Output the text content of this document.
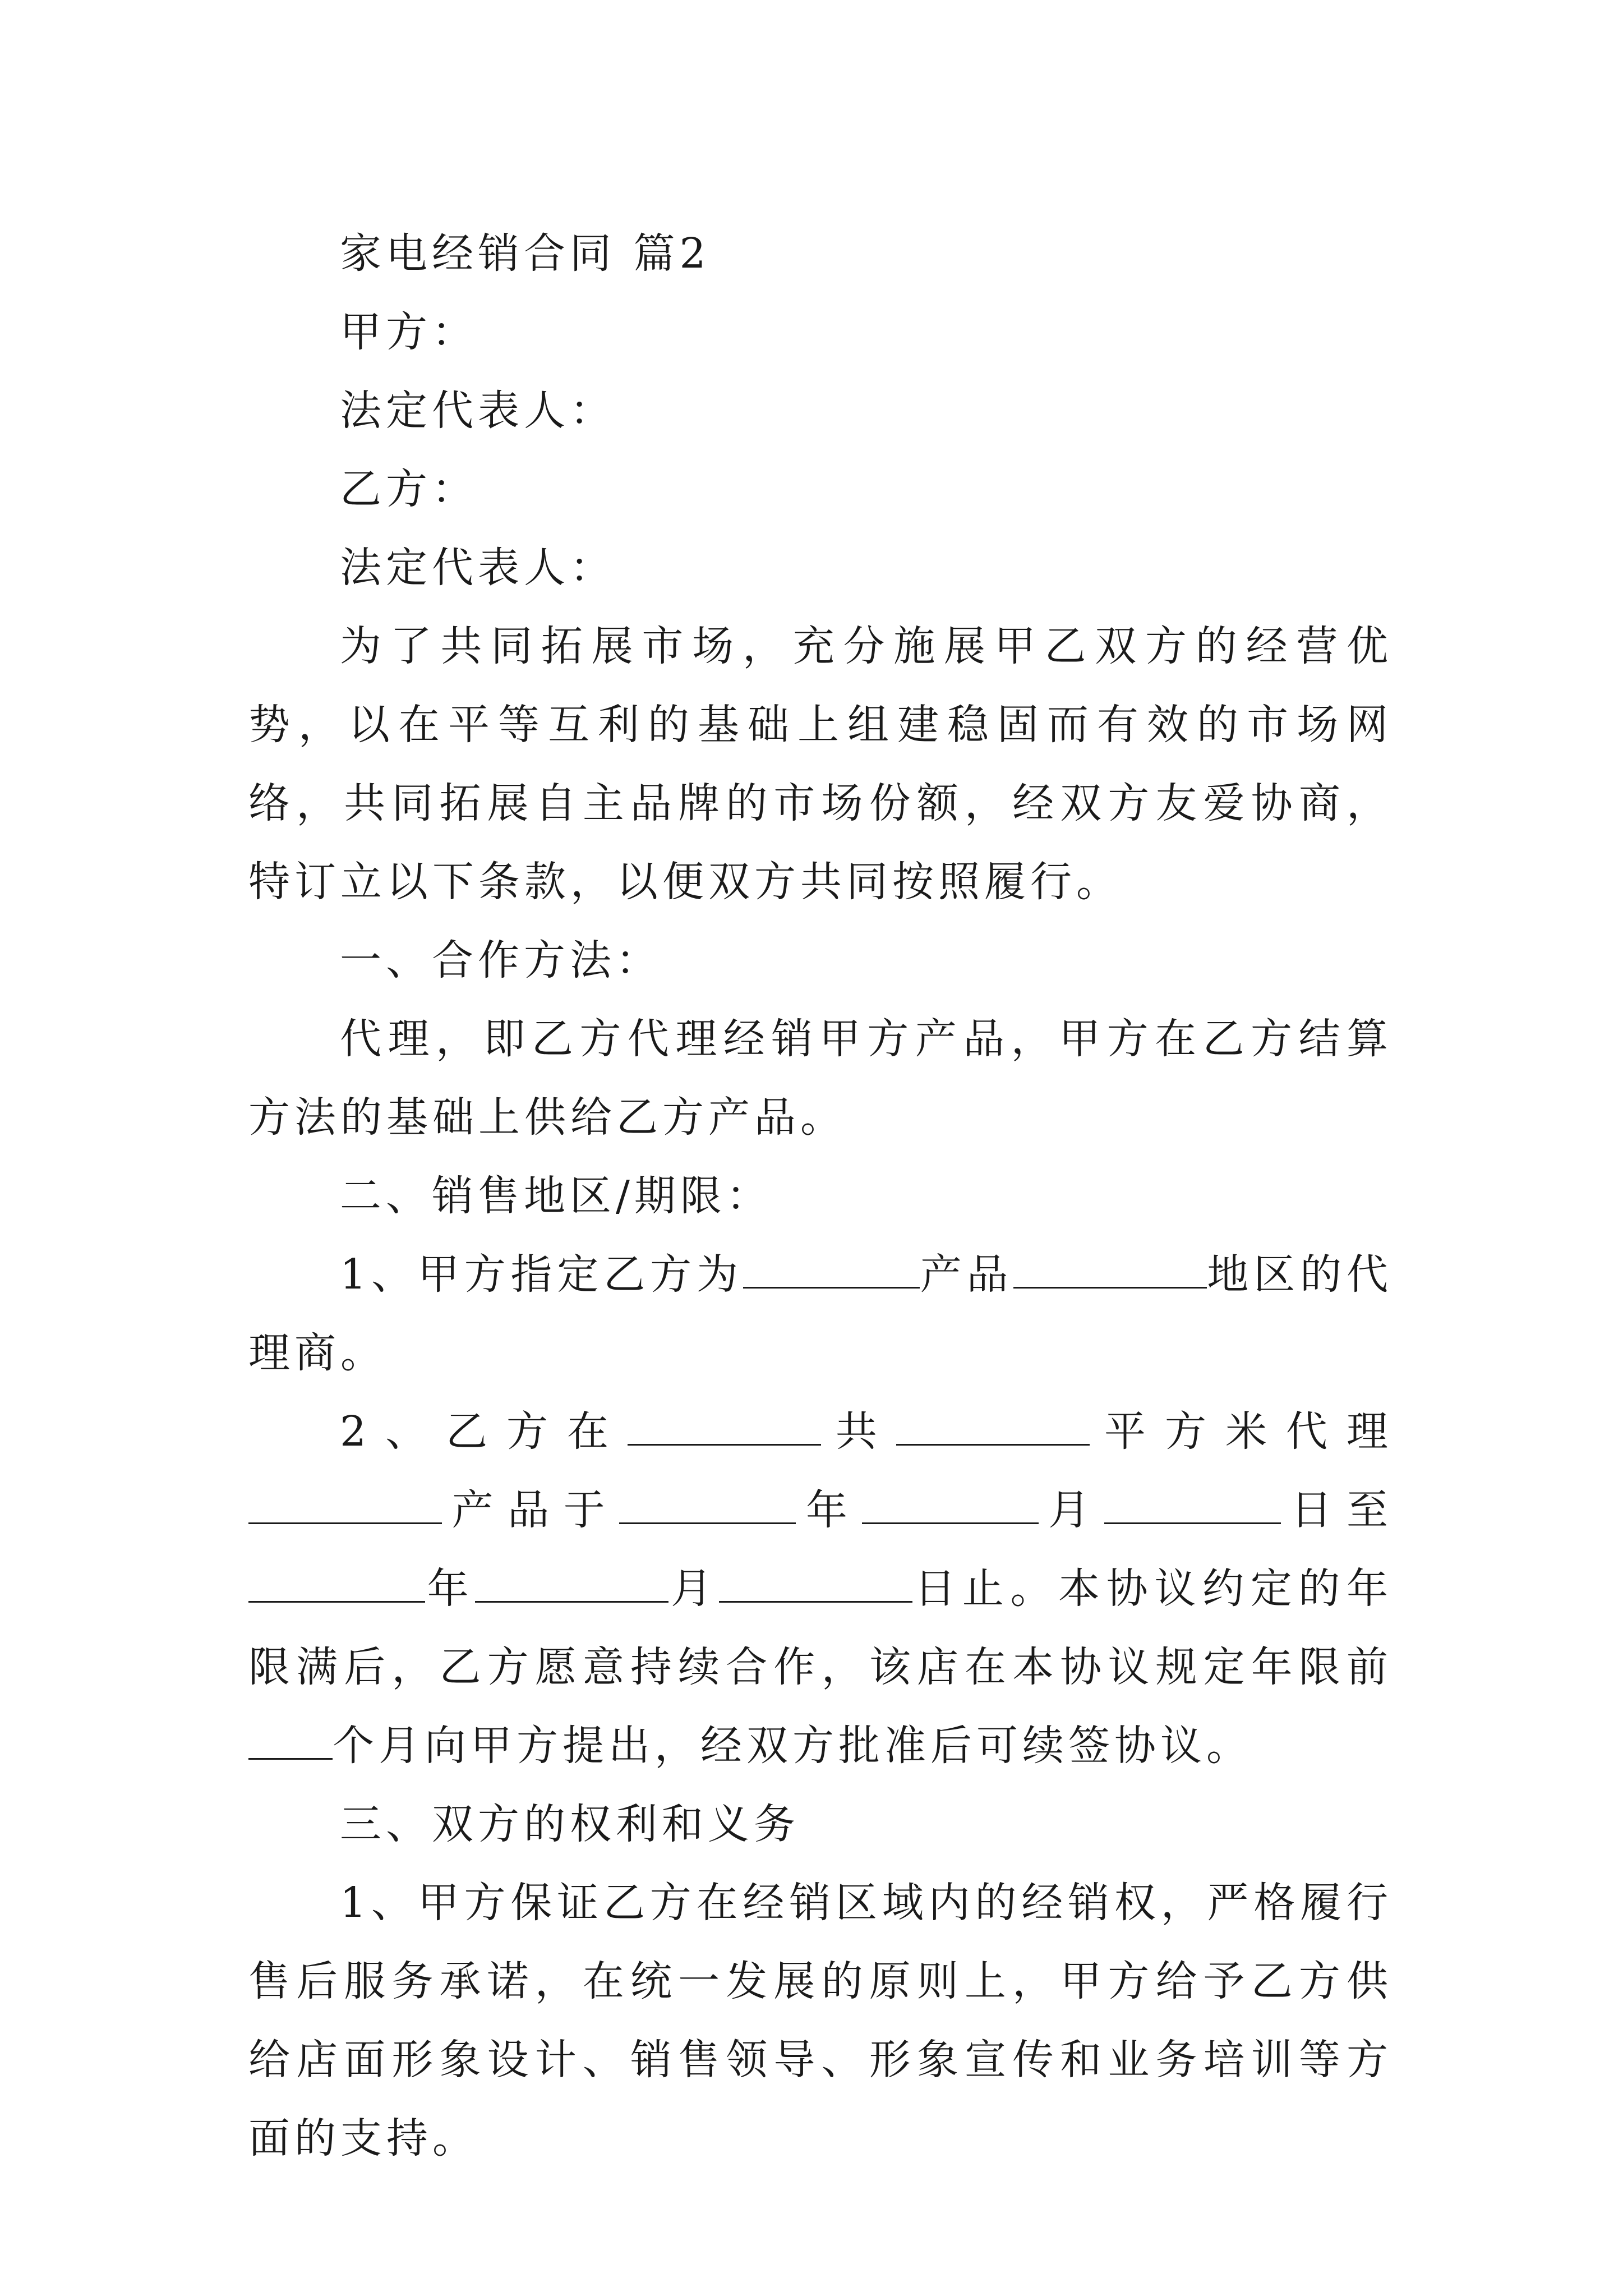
家电经销合同 篇2

甲方：

法定代表人：

乙方：

法定代表人：

为了共同拓展市场，充分施展甲乙双方的经营优势，以在平等互利的基础上组建稳固而有效的市场网络，共同拓展自主品牌的市场份额，经双方友爱协商，特订立以下条款，以便双方共同按照履行。

一、合作方法：

代理，即乙方代理经销甲方产品，甲方在乙方结算方法的基础上供给乙方产品。

二、销售地区/期限：

1、甲方指定乙方为	产品	地区的代理商。

2、乙方在	共	平方米代理产品于	年	月	日至年	月	日止。本协议约定的年限满后，乙方愿意持续合作，该店在本协议规定年限前个月向甲方提出，经双方批准后可续签协议。

三、双方的权利和义务

1、甲方保证乙方在经销区域内的经销权，严格履行售后服务承诺，在统一发展的原则上，甲方给予乙方供给店面形象设计、销售领导、形象宣传和业务培训等方面的支持。
